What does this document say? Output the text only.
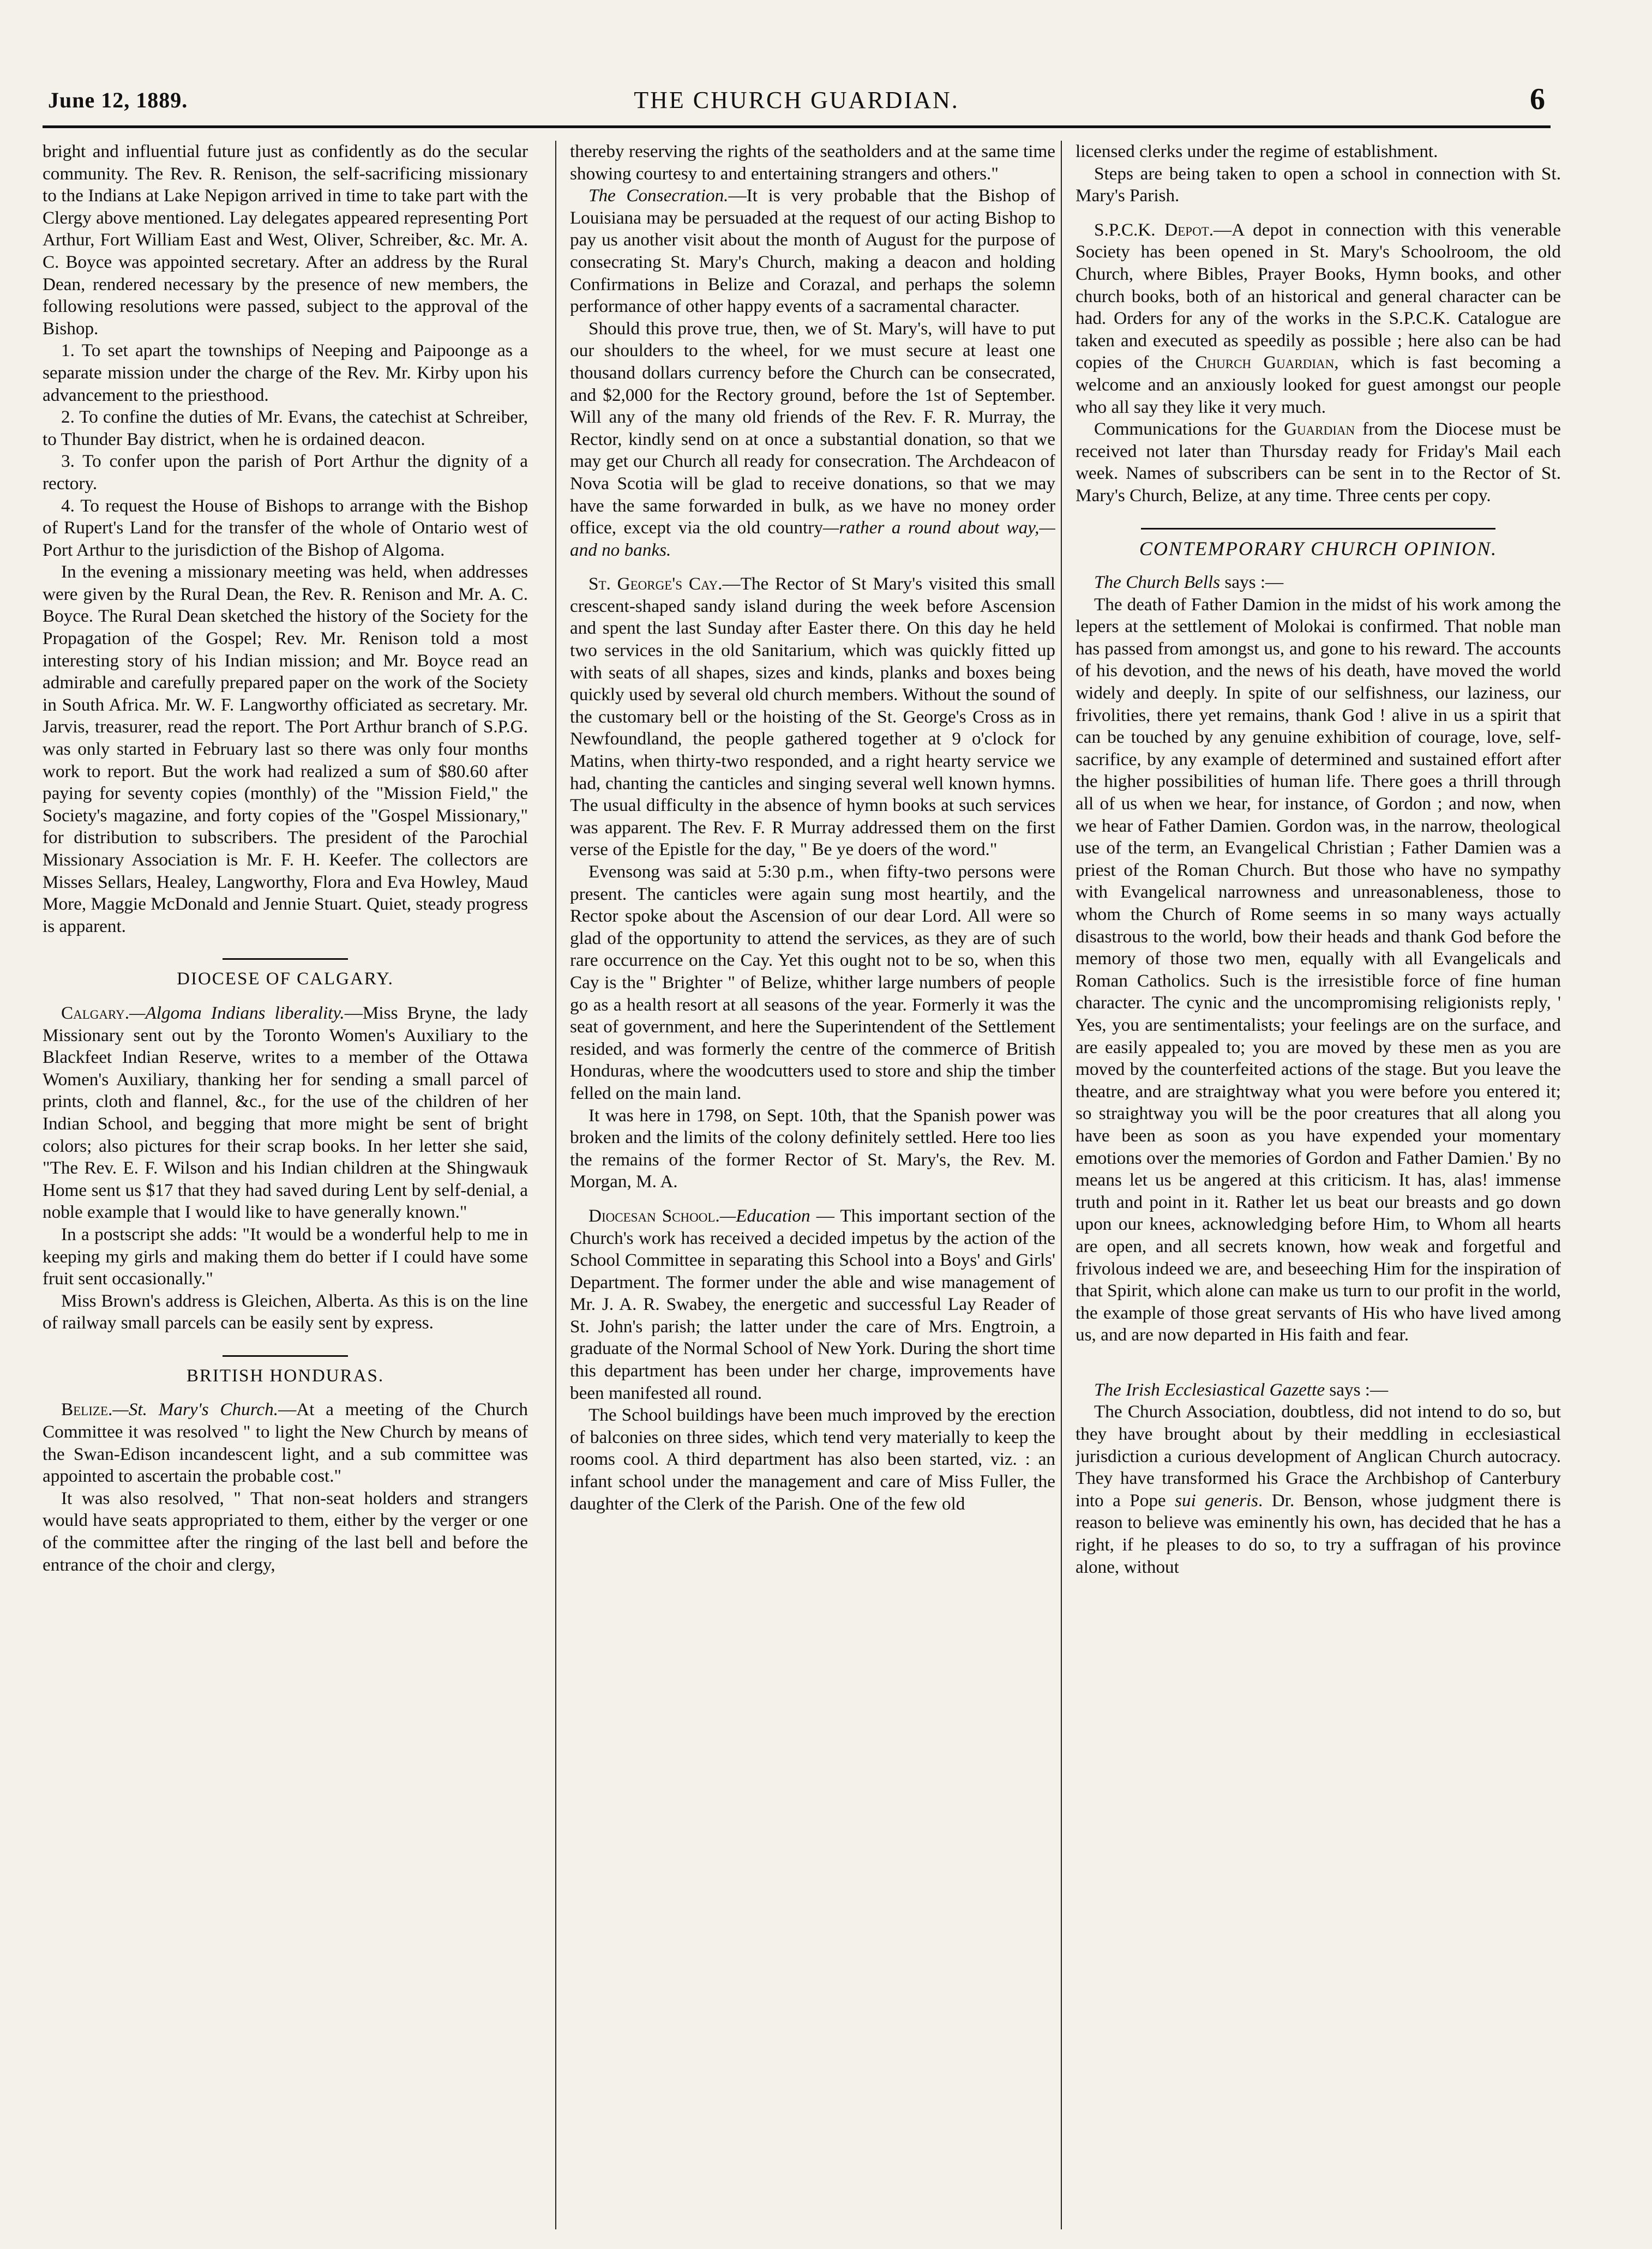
June 12, 1889.	THE CHURCH GUARDIAN.	6

bright and influential future just as confidently as do the secular community. The Rev. R. Renison, the self-sacrificing missionary to the Indians at Lake Nepigon arrived in time to take part with the Clergy above mentioned. Lay delegates appeared representing Port Arthur, Fort William East and West, Oliver, Schreiber, &c. Mr. A. C. Boyce was appointed secretary. After an address by the Rural Dean, rendered necessary by the presence of new members, the following resolutions were passed, subject to the approval of the Bishop.

1. To set apart the townships of Neeping and Paipoonge as a separate mission under the charge of the Rev. Mr. Kirby upon his advancement to the priesthood.

2. To confine the duties of Mr. Evans, the catechist at Schreiber, to Thunder Bay district, when he is ordained deacon.

3. To confer upon the parish of Port Arthur the dignity of a rectory.

4. To request the House of Bishops to arrange with the Bishop of Rupert's Land for the transfer of the whole of Ontario west of Port Arthur to the jurisdiction of the Bishop of Algoma.

In the evening a missionary meeting was held, when addresses were given by the Rural Dean, the Rev. R. Renison and Mr. A. C. Boyce. The Rural Dean sketched the history of the Society for the Propagation of the Gospel; Rev. Mr. Renison told a most interesting story of his Indian mission; and Mr. Boyce read an admirable and carefully prepared paper on the work of the Society in South Africa. Mr. W. F. Langworthy officiated as secretary. Mr. Jarvis, treasurer, read the report. The Port Arthur branch of S.P.G. was only started in February last so there was only four months work to report. But the work had realized a sum of $80.60 after paying for seventy copies (monthly) of the "Mission Field," the Society's magazine, and forty copies of the "Gospel Missionary," for distribution to subscribers. The president of the Parochial Missionary Association is Mr. F. H. Keefer. The collectors are Misses Sellars, Healey, Langworthy, Flora and Eva Howley, Maud More, Maggie McDonald and Jennie Stuart. Quiet, steady progress is apparent.

DIOCESE OF CALGARY.

Calgary.—Algoma Indians liberality.—Miss Bryne, the lady Missionary sent out by the Toronto Women's Auxiliary to the Blackfeet Indian Reserve, writes to a member of the Ottawa Women's Auxiliary, thanking her for sending a small parcel of prints, cloth and flannel, &c., for the use of the children of her Indian School, and begging that more might be sent of bright colors; also pictures for their scrap books. In her letter she said, "The Rev. E. F. Wilson and his Indian children at the Shingwauk Home sent us $17 that they had saved during Lent by self-denial, a noble example that I would like to have generally known."

In a postscript she adds: "It would be a wonderful help to me in keeping my girls and making them do better if I could have some fruit sent occasionally."

Miss Brown's address is Gleichen, Alberta. As this is on the line of railway small parcels can be easily sent by express.

BRITISH HONDURAS.

Belize.—St. Mary's Church.—At a meeting of the Church Committee it was resolved " to light the New Church by means of the Swan-Edison incandescent light, and a sub committee was appointed to ascertain the probable cost."

It was also resolved, " That non-seat holders and strangers would have seats appropriated to them, either by the verger or one of the committee after the ringing of the last bell and before the entrance of the choir and clergy,

thereby reserving the rights of the seatholders and at the same time showing courtesy to and entertaining strangers and others."

The Consecration.—It is very probable that the Bishop of Louisiana may be persuaded at the request of our acting Bishop to pay us another visit about the month of August for the purpose of consecrating St. Mary's Church, making a deacon and holding Confirmations in Belize and Corazal, and perhaps the solemn performance of other happy events of a sacramental character.

Should this prove true, then, we of St. Mary's, will have to put our shoulders to the wheel, for we must secure at least one thousand dollars currency before the Church can be consecrated, and $2,000 for the Rectory ground, before the 1st of September. Will any of the many old friends of the Rev. F. R. Murray, the Rector, kindly send on at once a substantial donation, so that we may get our Church all ready for consecration. The Archdeacon of Nova Scotia will be glad to receive donations, so that we may have the same forwarded in bulk, as we have no money order office, except via the old country—rather a round about way,—and no banks.

St. George's Cay.—The Rector of St Mary's visited this small crescent-shaped sandy island during the week before Ascension and spent the last Sunday after Easter there. On this day he held two services in the old Sanitarium, which was quickly fitted up with seats of all shapes, sizes and kinds, planks and boxes being quickly used by several old church members. Without the sound of the customary bell or the hoisting of the St. George's Cross as in Newfoundland, the people gathered together at 9 o'clock for Matins, when thirty-two responded, and a right hearty service we had, chanting the canticles and singing several well known hymns. The usual difficulty in the absence of hymn books at such services was apparent. The Rev. F. R Murray addressed them on the first verse of the Epistle for the day, " Be ye doers of the word."

Evensong was said at 5:30 p.m., when fifty-two persons were present. The canticles were again sung most heartily, and the Rector spoke about the Ascension of our dear Lord. All were so glad of the opportunity to attend the services, as they are of such rare occurrence on the Cay. Yet this ought not to be so, when this Cay is the " Brighter " of Belize, whither large numbers of people go as a health resort at all seasons of the year. Formerly it was the seat of government, and here the Superintendent of the Settlement resided, and was formerly the centre of the commerce of British Honduras, where the woodcutters used to store and ship the timber felled on the main land.

It was here in 1798, on Sept. 10th, that the Spanish power was broken and the limits of the colony definitely settled. Here too lies the remains of the former Rector of St. Mary's, the Rev. M. Morgan, M. A.

Diocesan School.—Education — This important section of the Church's work has received a decided impetus by the action of the School Committee in separating this School into a Boys' and Girls' Department. The former under the able and wise management of Mr. J. A. R. Swabey, the energetic and successful Lay Reader of St. John's parish; the latter under the care of Mrs. Engtroin, a graduate of the Normal School of New York. During the short time this department has been under her charge, improvements have been manifested all round.

The School buildings have been much improved by the erection of balconies on three sides, which tend very materially to keep the rooms cool. A third department has also been started, viz. : an infant school under the management and care of Miss Fuller, the daughter of the Clerk of the Parish. One of the few old

licensed clerks under the regime of establishment.

Steps are being taken to open a school in connection with St. Mary's Parish.

S.P.C.K. Depot.—A depot in connection with this venerable Society has been opened in St. Mary's Schoolroom, the old Church, where Bibles, Prayer Books, Hymn books, and other church books, both of an historical and general character can be had. Orders for any of the works in the S.P.C.K. Catalogue are taken and executed as speedily as possible ; here also can be had copies of the Church Guardian, which is fast becoming a welcome and an anxiously looked for guest amongst our people who all say they like it very much.

Communications for the Guardian from the Diocese must be received not later than Thursday ready for Friday's Mail each week. Names of subscribers can be sent in to the Rector of St. Mary's Church, Belize, at any time. Three cents per copy.

CONTEMPORARY CHURCH OPINION.

The Church Bells says :—

The death of Father Damion in the midst of his work among the lepers at the settlement of Molokai is confirmed. That noble man has passed from amongst us, and gone to his reward. The accounts of his devotion, and the news of his death, have moved the world widely and deeply. In spite of our selfishness, our laziness, our frivolities, there yet remains, thank God ! alive in us a spirit that can be touched by any genuine exhibition of courage, love, self-sacrifice, by any example of determined and sustained effort after the higher possibilities of human life. There goes a thrill through all of us when we hear, for instance, of Gordon ; and now, when we hear of Father Damien. Gordon was, in the narrow, theological use of the term, an Evangelical Christian ; Father Damien was a priest of the Roman Church. But those who have no sympathy with Evangelical narrowness and unreasonableness, those to whom the Church of Rome seems in so many ways actually disastrous to the world, bow their heads and thank God before the memory of those two men, equally with all Evangelicals and Roman Catholics. Such is the irresistible force of fine human character. The cynic and the uncompromising religionists reply, ' Yes, you are sentimentalists; your feelings are on the surface, and are easily appealed to; you are moved by these men as you are moved by the counterfeited actions of the stage. But you leave the theatre, and are straightway what you were before you entered it; so straightway you will be the poor creatures that all along you have been as soon as you have expended your momentary emotions over the memories of Gordon and Father Damien.' By no means let us be angered at this criticism. It has, alas! immense truth and point in it. Rather let us beat our breasts and go down upon our knees, acknowledging before Him, to Whom all hearts are open, and all secrets known, how weak and forgetful and frivolous indeed we are, and beseeching Him for the inspiration of that Spirit, which alone can make us turn to our profit in the world, the example of those great servants of His who have lived among us, and are now departed in His faith and fear.

The Irish Ecclesiastical Gazette says :—

The Church Association, doubtless, did not intend to do so, but they have brought about by their meddling in ecclesiastical jurisdiction a curious development of Anglican Church autocracy. They have transformed his Grace the Archbishop of Canterbury into a Pope sui generis. Dr. Benson, whose judgment there is reason to believe was eminently his own, has decided that he has a right, if he pleases to do so, to try a suffragan of his province alone, without
